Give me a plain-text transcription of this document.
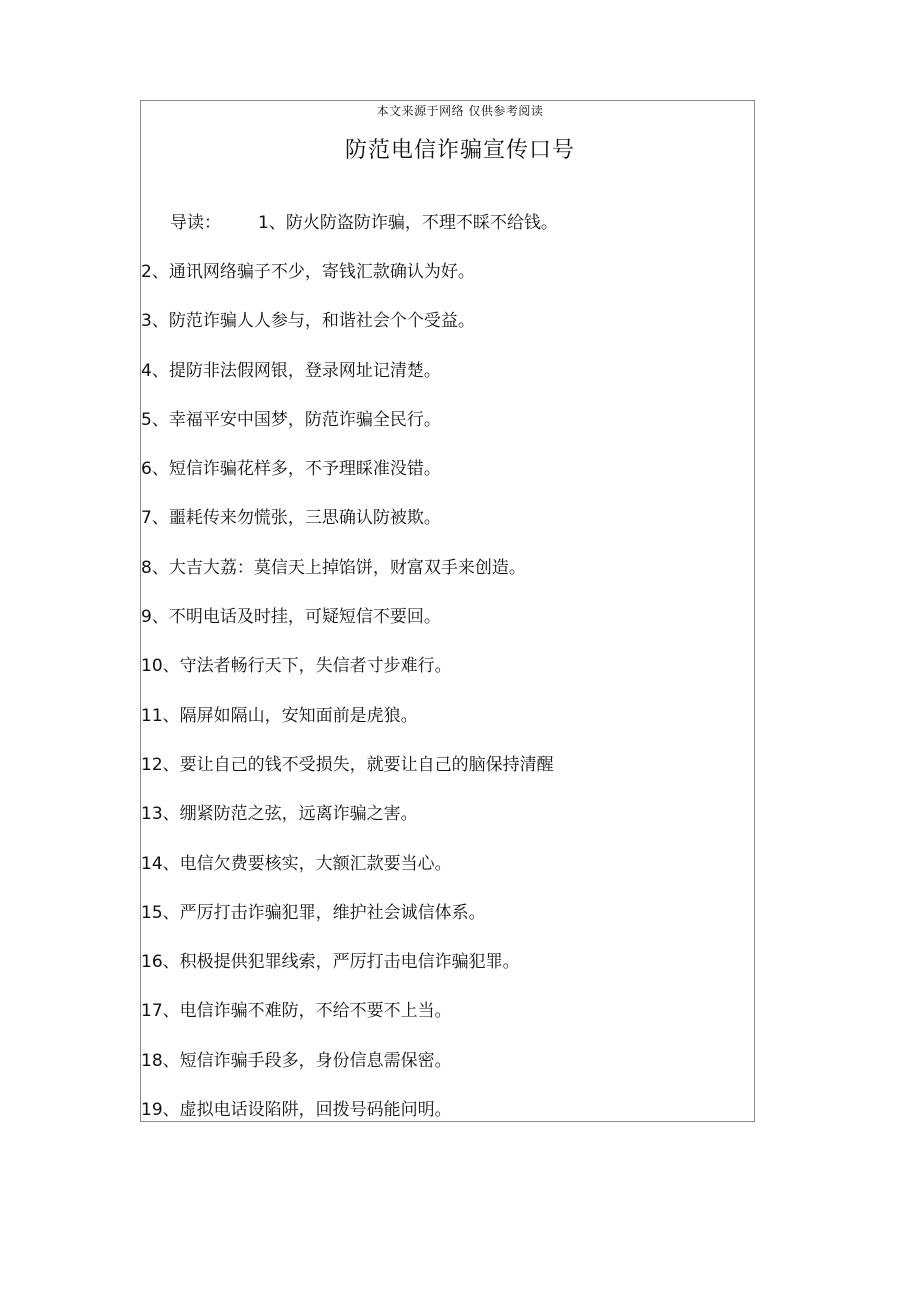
本文来源于网络 仅供参考阅读
防范电信诈骗宣传口号
导读： 1、防火防盗防诈骗，不理不睬不给钱。
2、通讯网络骗子不少，寄钱汇款确认为好。
3、防范诈骗人人参与，和谐社会个个受益。
4、提防非法假网银，登录网址记清楚。
5、幸福平安中国梦，防范诈骗全民行。
6、短信诈骗花样多，不予理睬准没错。
7、噩耗传来勿慌张，三思确认防被欺。
8、大吉大荔：莫信天上掉馅饼，财富双手来创造。
9、不明电话及时挂，可疑短信不要回。
10、守法者畅行天下，失信者寸步难行。
11、隔屏如隔山，安知面前是虎狼。
12、要让自己的钱不受损失，就要让自己的脑保持清醒
13、绷紧防范之弦，远离诈骗之害。
14、电信欠费要核实，大额汇款要当心。
15、严厉打击诈骗犯罪，维护社会诚信体系。
16、积极提供犯罪线索，严厉打击电信诈骗犯罪。
17、电信诈骗不难防，不给不要不上当。
18、短信诈骗手段多，身份信息需保密。
19、虚拟电话设陷阱，回拨号码能问明。
